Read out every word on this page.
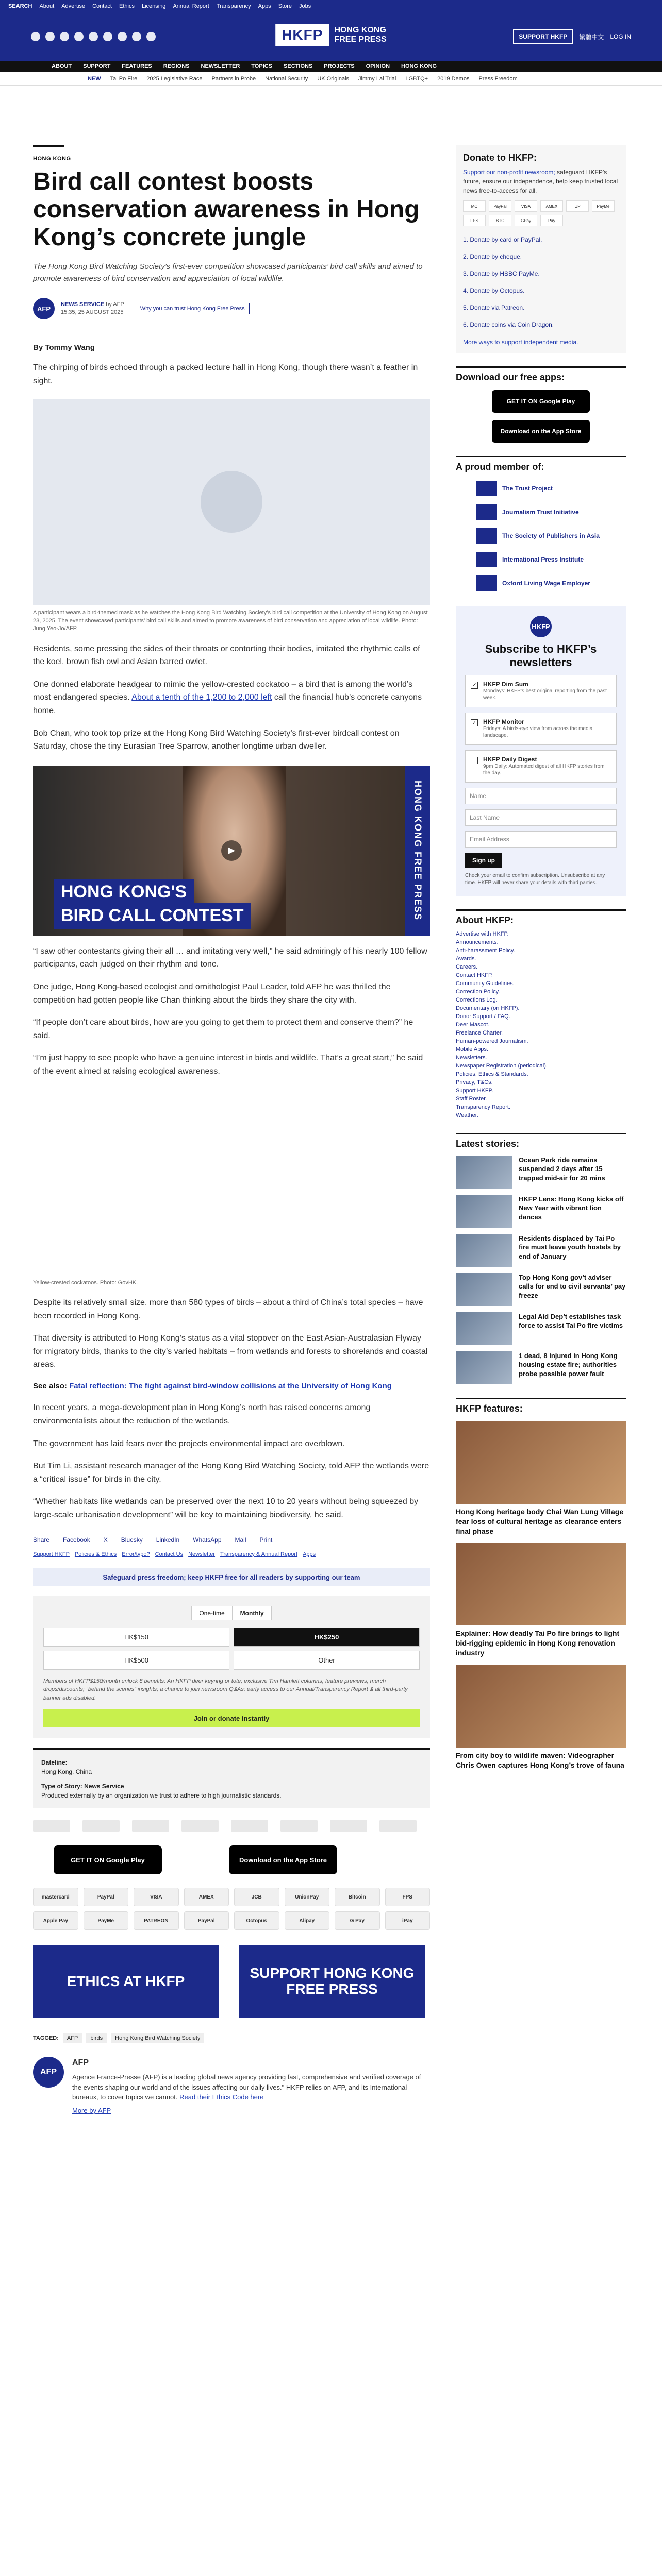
SEARCH About Advertise Contact Ethics Licensing Annual Report Transparency Apps Store Jobs
HKFP	HONG KONG
FREE PRESS	SUPPORT HKFP	繁體中文 LOG IN
ABOUT SUPPORT FEATURES REGIONS NEWSLETTER TOPICS SECTIONS PROJECTS OPINION HONG KONG
NEW Tai Po Fire 2025 Legislative Race Partners in Probe National Security UK Originals Jimmy Lai Trial LGBTQ+ 2019 Demos Press Freedom
HONG KONG
Bird call contest boosts conservation awareness in Hong Kong’s concrete jungle
The Hong Kong Bird Watching Society’s first-ever competition showcased participants’ bird call skills and aimed to promote awareness of bird conservation and appreciation of local wildlife.
AFP
NEWS SERVICE by AFP
15:35, 25 AUGUST 2025
Why you can trust Hong Kong Free Press
By Tommy Wang

The chirping of birds echoed through a packed lecture hall in Hong Kong, though there wasn’t a feather in sight.

A participant wears a bird-themed mask as he watches the Hong Kong Bird Watching Society’s bird call competition at the University of Hong Kong on August 23, 2025. The event showcased participants’ bird call skills and aimed to promote awareness of bird conservation and appreciation of local wildlife. Photo: Jung Yeo-Jo/AFP.

Residents, some pressing the sides of their throats or contorting their bodies, imitated the rhythmic calls of the koel, brown fish owl and Asian barred owlet.

One donned elaborate headgear to mimic the yellow-crested cockatoo – a bird that is among the world’s most endangered species. About a tenth of the 1,200 to 2,000 left call the financial hub’s concrete canyons home.

Bob Chan, who took top prize at the Hong Kong Bird Watching Society’s first-ever birdcall contest on Saturday, chose the tiny Eurasian Tree Sparrow, another longtime urban dweller.

▶
HONG KONG'S
BIRD CALL CONTEST	HONG KONG FREE PRESS

“I saw other contestants giving their all … and imitating very well,” he said admiringly of his nearly 100 fellow participants, each judged on their rhythm and tone.

One judge, Hong Kong-based ecologist and ornithologist Paul Leader, told AFP he was thrilled the competition had gotten people like Chan thinking about the birds they share the city with.

“If people don’t care about birds, how are you going to get them to protect them and conserve them?” he said.

“I’m just happy to see people who have a genuine interest in birds and wildlife. That’s a great start,” he said of the event aimed at raising ecological awareness.

Yellow-crested cockatoos. Photo: GovHK.

Despite its relatively small size, more than 580 types of birds – about a third of China’s total species – have been recorded in Hong Kong.

That diversity is attributed to Hong Kong’s status as a vital stopover on the East Asian-Australasian Flyway for migratory birds, thanks to the city’s varied habitats – from wetlands and forests to shorelands and coastal areas.

See also: Fatal reflection: The fight against bird-window collisions at the University of Hong Kong

In recent years, a mega-development plan in Hong Kong’s north has raised concerns among environmentalists about the reduction of the wetlands.

The government has laid fears over the projects environmental impact are overblown.

But Tim Li, assistant research manager of the Hong Kong Bird Watching Society, told AFP the wetlands were a “critical issue” for birds in the city.

“Whether habitats like wetlands can be preserved over the next 10 to 20 years without being squeezed by large-scale urbanisation development” will be key to maintaining biodiversity, he said.

Share Facebook X Bluesky LinkedIn WhatsApp Mail Print
Support HKFP Policies & Ethics Error/typo? Contact Us Newsletter Transparency & Annual Report Apps
Safeguard press freedom; keep HKFP free for all readers by supporting our team
One-time	Monthly
HK$150	HK$250
HK$500	Other
Members of HKFP$150/month unlock 8 benefits: An HKFP deer keyring or tote; exclusive Tim Hamlett columns; feature previews; merch drops/discounts; “behind the scenes” insights; a chance to join newsroom Q&As; early access to our Annual/Transparency Report & all third-party banner ads disabled.
Join or donate instantly
Dateline:
Hong Kong, China
Type of Story: News Service
Produced externally by an organization we trust to adhere to high journalistic standards.
GET IT ON Google Play	Download on the App Store
mastercard	PayPal	VISA	AMEX	JCB	UnionPay	Bitcoin	FPS
Apple Pay	PayMe	PATREON	PayPal	Octopus	Alipay	G Pay	iPay
ETHICS AT HKFP	SUPPORT HONG KONG FREE PRESS
TAGGED:	AFP	birds	Hong Kong Bird Watching Society
AFP
AFP
Agence France-Presse (AFP) is a leading global news agency providing fast, comprehensive and verified coverage of the events shaping our world and of the issues affecting our daily lives." HKFP relies on AFP, and its International bureaux, to cover topics we cannot. Read their Ethics Code here
More by AFP
Donate to HKFP:
Support our non-profit newsroom; safeguard HKFP’s future, ensure our independence, help keep trusted local news free-to-access for all.
MC	PayPal	VISA	AMEX	UP	PayMe
FPS	BTC	GPay	Pay
1. Donate by card or PayPal.
2. Donate by cheque.
3. Donate by HSBC PayMe.
4. Donate by Octopus.
5. Donate via Patreon.
6. Donate coins via Coin Dragon.
More ways to support independent media.
Download our free apps:
GET IT ON Google Play
Download on the App Store
A proud member of:
The Trust Project
Journalism Trust Initiative
The Society of Publishers in Asia
International Press Institute
Oxford Living Wage Employer
HKFP
Subscribe to HKFP’s newsletters
✓ HKFP Dim Sum
Mondays: HKFP’s best original reporting from the past week.
✓ HKFP Monitor
Fridays: A birds-eye view from across the media landscape.
HKFP Daily Digest
9pm Daily: Automated digest of all HKFP stories from the day.
Name
Last Name
Email Address
Sign up
Check your email to confirm subscription. Unsubscribe at any time. HKFP will never share your details with third parties.
About HKFP:
Advertise with HKFP.
Announcements.
Anti-harassment Policy.
Awards.
Careers.
Contact HKFP.
Community Guidelines.
Correction Policy.
Corrections Log.
Documentary (on HKFP).
Donor Support / FAQ.
Deer Mascot.
Freelance Charter.
Human-powered Journalism.
Mobile Apps.
Newsletters.
Newspaper Registration (periodical).
Policies, Ethics & Standards.
Privacy, T&Cs.
Support HKFP.
Staff Roster.
Transparency Report.
Weather.
Latest stories:
Ocean Park ride remains suspended 2 days after 15 trapped mid-air for 20 mins
HKFP Lens: Hong Kong kicks off New Year with vibrant lion dances
Residents displaced by Tai Po fire must leave youth hostels by end of January
Top Hong Kong gov’t adviser calls for end to civil servants’ pay freeze
Legal Aid Dep’t establishes task force to assist Tai Po fire victims
1 dead, 8 injured in Hong Kong housing estate fire; authorities probe possible power fault
HKFP features:
Hong Kong heritage body Chai Wan Lung Village fear loss of cultural heritage as clearance enters final phase
Explainer: How deadly Tai Po fire brings to light bid-rigging epidemic in Hong Kong renovation industry
From city boy to wildlife maven: Videographer Chris Owen captures Hong Kong’s trove of fauna
